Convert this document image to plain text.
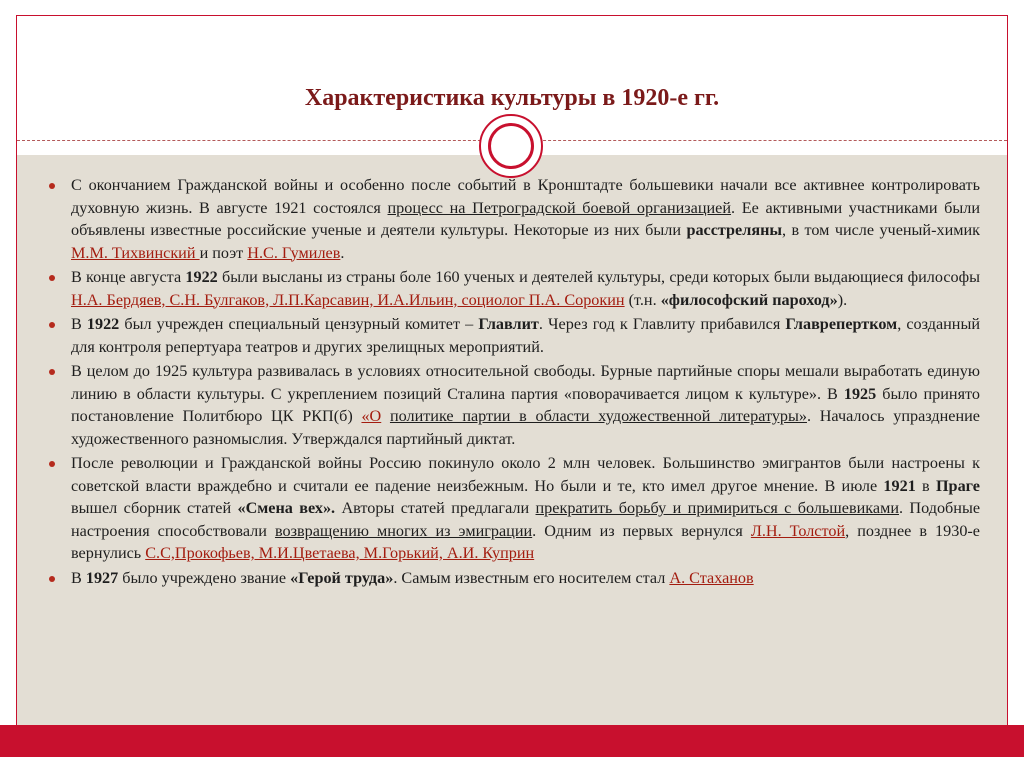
Характеристика культуры в 1920-е гг.
С окончанием Гражданской войны и особенно после событий в Кронштадте большевики начали все активнее контролировать духовную жизнь. В августе 1921 состоялся процесс на Петроградской боевой организацией. Ее активными участниками были объявлены известные российские ученые и деятели культуры. Некоторые из них были расстреляны, в том числе ученый-химик М.М. Тихвинский и поэт Н.С. Гумилев.
В конце августа 1922 были высланы из страны боле 160 ученых и деятелей культуры, среди которых были выдающиеся философы Н.А. Бердяев, С.Н. Булгаков, Л.П.Карсавин, И.А.Ильин, социолог П.А. Сорокин (т.н. «философский пароход»).
В 1922 был учрежден специальный цензурный комитет – Главлит. Через год к Главлиту прибавился Главрепертком, созданный для контроля репертуара театров и других зрелищных мероприятий.
В целом до 1925 культура развивалась в условиях относительной свободы. Бурные партийные споры мешали выработать единую линию в области культуры. С укреплением позиций Сталина партия «поворачивается лицом к культуре». В 1925 было принято постановление Политбюро ЦК РКП(б) «О политике партии в области художественной литературы». Началось упразднение художественного разномыслия. Утверждался партийный диктат.
После революции и Гражданской войны Россию покинуло около 2 млн человек. Большинство эмигрантов были настроены к советской власти враждебно и считали ее падение неизбежным. Но были и те, кто имел другое мнение. В июле 1921 в Праге вышел сборник статей «Смена вех». Авторы статей предлагали прекратить борьбу и примириться с большевиками. Подобные настроения способствовали возвращению многих из эмиграции. Одним из первых вернулся Л.Н. Толстой, позднее в 1930-е вернулись С.С,Прокофьев, М.И.Цветаева, М.Горький, А.И. Куприн
В 1927 было учреждено звание «Герой труда». Самым известным его носителем стал А. Стаханов
